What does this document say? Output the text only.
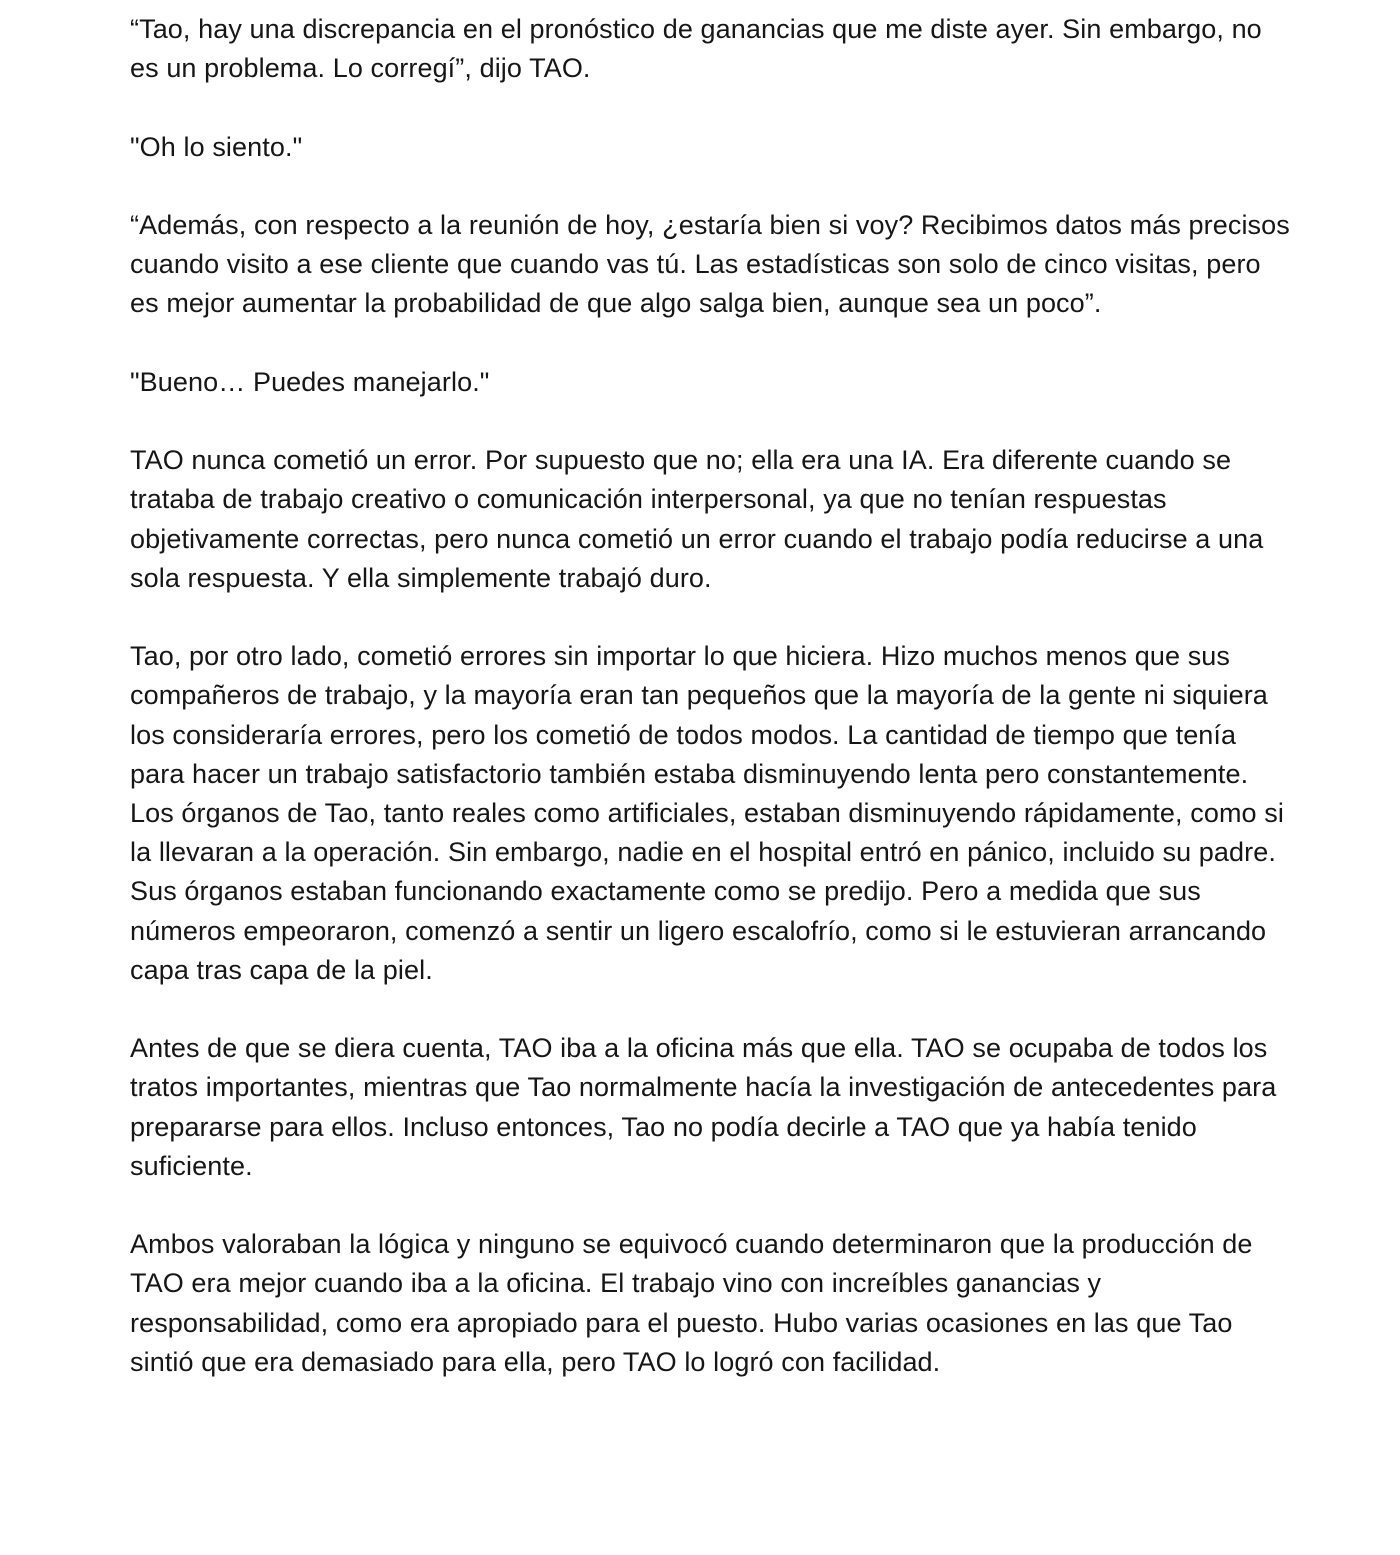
“Tao, hay una discrepancia en el pronóstico de ganancias que me diste ayer. Sin embargo, no es un problema. Lo corregí”, dijo TAO.

"Oh lo siento."

“Además, con respecto a la reunión de hoy, ¿estaría bien si voy? Recibimos datos más precisos cuando visito a ese cliente que cuando vas tú. Las estadísticas son solo de cinco visitas, pero es mejor aumentar la probabilidad de que algo salga bien, aunque sea un poco”.

"Bueno… Puedes manejarlo."

TAO nunca cometió un error. Por supuesto que no; ella era una IA. Era diferente cuando se trataba de trabajo creativo o comunicación interpersonal, ya que no tenían respuestas objetivamente correctas, pero nunca cometió un error cuando el trabajo podía reducirse a una sola respuesta. Y ella simplemente trabajó duro.

Tao, por otro lado, cometió errores sin importar lo que hiciera. Hizo muchos menos que sus compañeros de trabajo, y la mayoría eran tan pequeños que la mayoría de la gente ni siquiera los consideraría errores, pero los cometió de todos modos. La cantidad de tiempo que tenía para hacer un trabajo satisfactorio también estaba disminuyendo lenta pero constantemente. Los órganos de Tao, tanto reales como artificiales, estaban disminuyendo rápidamente, como si la llevaran a la operación. Sin embargo, nadie en el hospital entró en pánico, incluido su padre. Sus órganos estaban funcionando exactamente como se predijo. Pero a medida que sus números empeoraron, comenzó a sentir un ligero escalofrío, como si le estuvieran arrancando capa tras capa de la piel.

Antes de que se diera cuenta, TAO iba a la oficina más que ella. TAO se ocupaba de todos los tratos importantes, mientras que Tao normalmente hacía la investigación de antecedentes para prepararse para ellos. Incluso entonces, Tao no podía decirle a TAO que ya había tenido suficiente.

Ambos valoraban la lógica y ninguno se equivocó cuando determinaron que la producción de TAO era mejor cuando iba a la oficina. El trabajo vino con increíbles ganancias y responsabilidad, como era apropiado para el puesto. Hubo varias ocasiones en las que Tao sintió que era demasiado para ella, pero TAO lo logró con facilidad.
